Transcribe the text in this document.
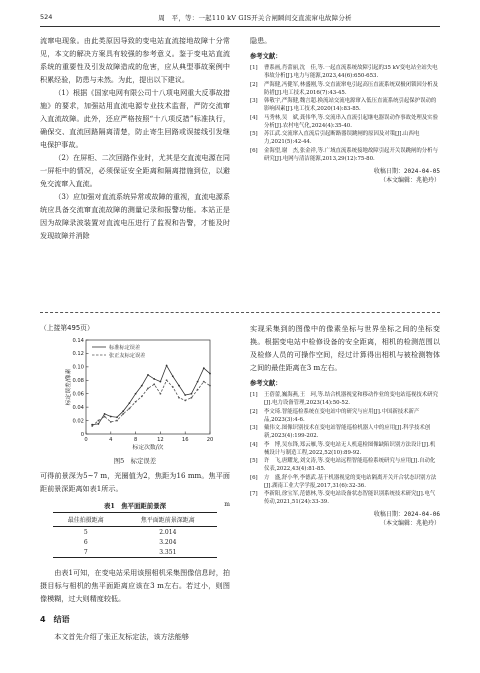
524	周　平，等：一起110 kV GIS开关合闸瞬间交直流窜电故障分析

流窜电现象。由此类原因导致的变电站直流接地故障十分常见，本文的解决方案具有较强的参考意义。鉴于变电站直流系统的重要性及引发故障造成的危害，应从典型事故案例中积累经验，防患与未然。为此，提出以下建议。

（1）根据《国家电网有限公司十八项电网重大反事故措施》的要求，加强站用直流电源专业技术监督，严防交流窜入直流故障。此外，还应严格按照“十八项反措”标准执行，确保交、直流回路隔离清楚，防止寄生回路或误接线引发继电保护事故。

（2）在屏柜、二次回路作业时，尤其是交直流电源在同一屏柜中的情况，必须保证安全距离和隔离措施到位，以避免交流窜入直流。

（3）应加强对直流系统异常或故障的重视，直流电源系统应具备交流窜直流故障的测量记录和报警功能。本站正是因为故障录波装置对直流电压进行了监视和告警，才能及时发现故障并消除

隐患。

参考文献：
[1]	曹系画,肖蕾丽,沈　佳,等.一起直流系统故障引起的35 kV变电站全站失电事故分析[J].电力与能源,2023,44(6):650-653.
[2]	严海健,冯健军,林盛刚,等.交直流窜电引起高压直流系统双极闭锁因分析及防措[J].电工技术,2016(7):43-45.
[3]	韩敬宇,严海健,魏言超.换流站交流电源窜入低压直流系统引起保护误动的影响因素[J].电工技术,2020(14):83-85.
[4]	马秀林,吴　斌,龚伟华,等.交流串入直流引起继电器误动作事故处理及实验分析[J].农村电气化,2024(4):35-40.
[5]	苏江武.交流窜入直流后引起断路器误跳闸的原因及对策[J].山西电力,2021(5):42-44.
[6]	金海望,谢　杰,张金祥,等.广域直流系统接地故障引起开关误跳闸的分析与研究[J].电网与清洁能源,2013,29(12):75-80.
收稿日期：2024-04-05
（本文编辑：兆艳玲）
（上接第495页）
0
0.02
0.04
0.06
0.08
0.10
0.12
0.14
0	4	8	12	16	20
标定次数/次
标定误差/像素
标准标定误差
张正友标定误差
图5　标定误差

可得前景深为5~7 m，光圈值为2，焦距为16 mm。焦平面距前景深距离如表1所示。

表1　焦平面距前景深	m
最佳拍摄距离	焦平面距前景深距离
5	2.014
6	3.204
7	3.351

由表1可知，在变电站采用该照相机采集图像信息时，拍摄目标与相机的焦平面距离应该在3 m左右。若过小，则图像模糊，过大则精度较低。

4　结语

本文首先介绍了张正友标定法，该方法能够

实现采集到的图像中的像素坐标与世界坐标之间的坐标变换。根据变电站中检修设备的安全距离，相机的检测范围以及检修人员的可操作空间，经过计算得出相机与被检测物体之间的最佳距离在3 m左右。

参考文献：
[1]	王蓓蕾,巍海燕,王　珂,等.结合机器视觉和移动作业的变电站巡视技术研究[J].电力设备管理,2023(14):50-52.
[2]	李文琦.智能巡检系统在变电站中的研究与应用[J].中国新技术新产品,2023(3):4-6.
[3]	戴伟文.图像识别技术在变电站智能巡检机器人中的应用[J].科学技术创新,2023(4):199-202.
[4]	李　博,吴东锋,郑云雁,等.变电站无人机巡检图像缺陷识别方法设计[J].机械设计与制造工程,2022,52(10):89-92.
[5]	许　飞,唐耀龙,刘文涛,等.变电站远程智能巡检系统研究与应用[J].自动化仪表,2022,43(4):81-85.
[6]	方　盛,舒小华,李德武.基于机器视觉的变电站隔离开关开合状态识别方法[J].湖南工业大学学报,2017,31(6):32-36.
[7]	李新阳,徐宝军,范德林,等.变电站设备状态智能识别系统技术研究[J].电气传动,2021,51(24):33-39.
收稿日期：2024-04-06
（本文编辑：兆艳玲）
